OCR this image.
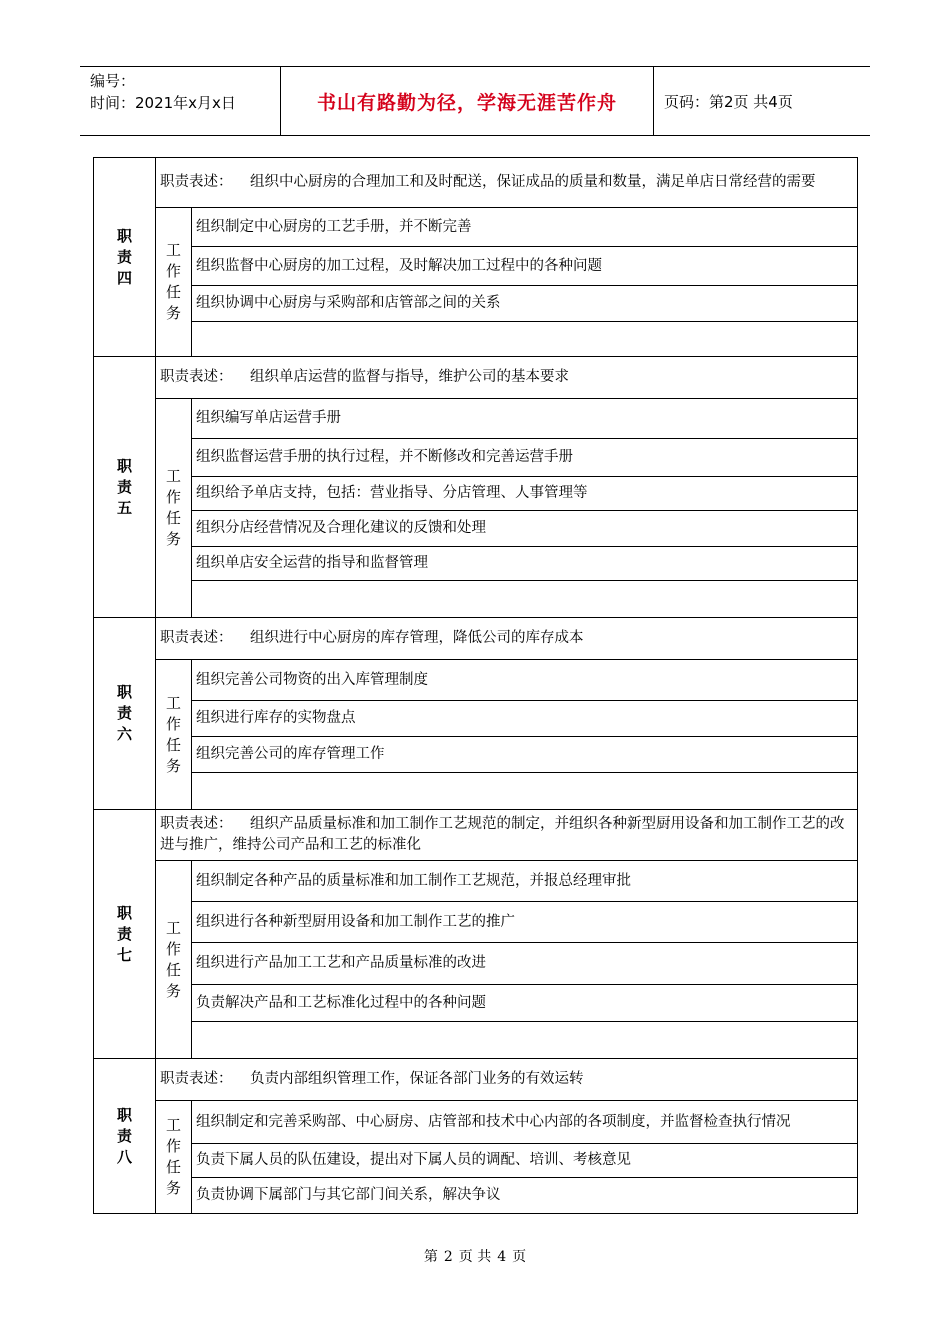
编号：
时间：2021年x月x日	书山有路勤为径，学海无涯苦作舟	页码：第2页 共4页
职
责
四	职责表述： 组织中心厨房的合理加工和及时配送，保证成品的质量和数量，满足单店日常经营的需要	

	工作
任务	组织制定中心厨房的工艺手册，并不断完善
		组织监督中心厨房的加工过程，及时解决加工过程中的各种问题
		组织协调中心厨房与采购部和店管部之间的关系

职
责
五	职责表述： 组织单店运营的监督与指导，维护公司的基本要求	

	工作
任务	组织编写单店运营手册
		组织监督运营手册的执行过程，并不断修改和完善运营手册
		组织给予单店支持，包括：营业指导、分店管理、人事管理等
		组织分店经营情况及合理化建议的反馈和处理
		组织单店安全运营的指导和监督管理

职
责
六	职责表述： 组织进行中心厨房的库存管理，降低公司的库存成本	

	工作
任务	组织完善公司物资的出入库管理制度
		组织进行库存的实物盘点
		组织完善公司的库存管理工作

职
责
七	职责表述： 组织产品质量标准和加工制作工艺规范的制定，并组织各种新型厨用设备和加工制作工艺的改进与推广，维持公司产品和工艺的标准化	

	工作
任务	组织制定各种产品的质量标准和加工制作工艺规范，并报总经理审批
		组织进行各种新型厨用设备和加工制作工艺的推广
		组织进行产品加工工艺和产品质量标准的改进
		负责解决产品和工艺标准化过程中的各种问题

职
责
八	职责表述： 负责内部组织管理工作，保证各部门业务的有效运转	

	工作
任务	组织制定和完善采购部、中心厨房、店管部和技术中心内部的各项制度，并监督检查执行情况
		负责下属人员的队伍建设，提出对下属人员的调配、培训、考核意见
		负责协调下属部门与其它部门间关系，解决争议
第 2 页 共 4 页
